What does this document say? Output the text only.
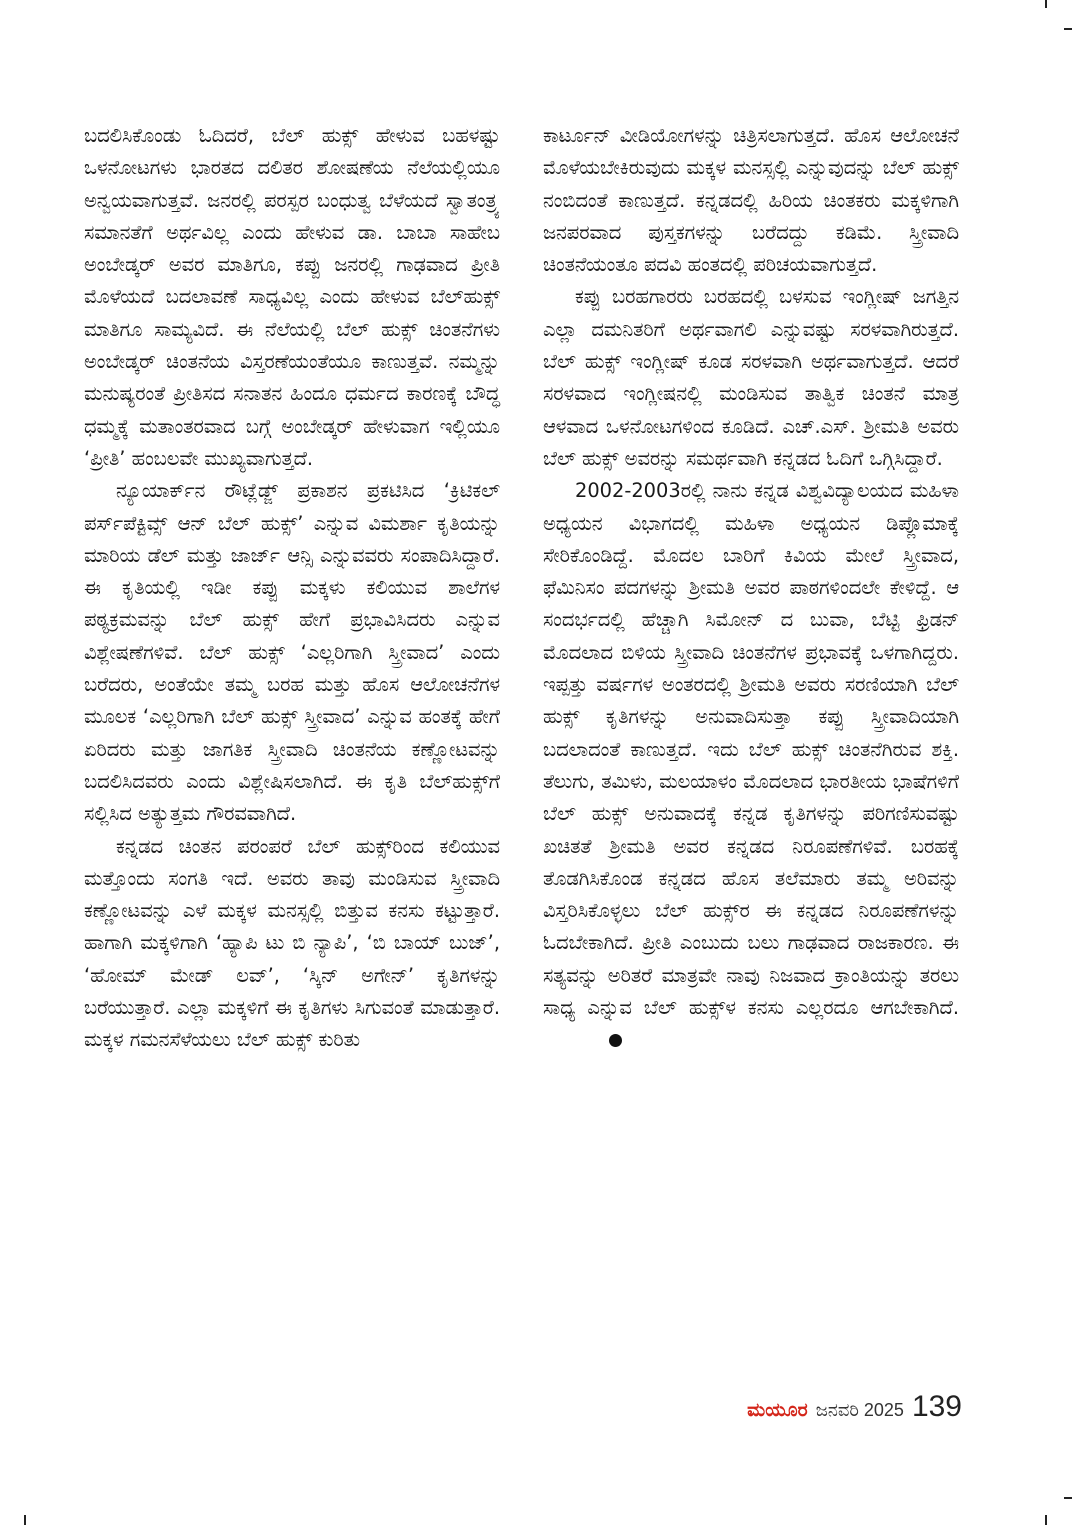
ಬದಲಿಸಿಕೊಂಡು ಓದಿದರೆ, ಬೆಲ್ ಹುಕ್ಸ್ ಹೇಳುವ ಬಹಳಷ್ಟು ಒಳನೋಟಗಳು ಭಾರತದ ದಲಿತರ ಶೋಷಣೆಯ ನೆಲೆಯಲ್ಲಿಯೂ ಅನ್ವಯವಾಗುತ್ತವೆ. ಜನರಲ್ಲಿ ಪರಸ್ಪರ ಬಂಧುತ್ವ ಬೆಳೆಯದೆ ಸ್ವಾತಂತ್ರ್ಯ ಸಮಾನತೆಗೆ ಅರ್ಥವಿಲ್ಲ ಎಂದು ಹೇಳುವ ಡಾ. ಬಾಬಾ ಸಾಹೇಬ ಅಂಬೇಡ್ಕರ್ ಅವರ ಮಾತಿಗೂ, ಕಪ್ಪು ಜನರಲ್ಲಿ ಗಾಢವಾದ ಪ್ರೀತಿ ಮೊಳೆಯದೆ ಬದಲಾವಣೆ ಸಾಧ್ಯವಿಲ್ಲ ಎಂದು ಹೇಳುವ ಬೆಲ್‌ಹುಕ್ಸ್ ಮಾತಿಗೂ ಸಾಮ್ಯವಿದೆ. ಈ ನೆಲೆಯಲ್ಲಿ ಬೆಲ್ ಹುಕ್ಸ್ ಚಿಂತನೆಗಳು ಅಂಬೇಡ್ಕರ್ ಚಿಂತನೆಯ ವಿಸ್ತರಣೆಯಂತೆಯೂ ಕಾಣುತ್ತವೆ. ನಮ್ಮನ್ನು ಮನುಷ್ಯರಂತೆ ಪ್ರೀತಿಸದ ಸನಾತನ ಹಿಂದೂ ಧರ್ಮದ ಕಾರಣಕ್ಕೆ ಬೌದ್ಧ ಧಮ್ಮಕ್ಕೆ ಮತಾಂತರವಾದ ಬಗ್ಗೆ ಅಂಬೇಡ್ಕರ್ ಹೇಳುವಾಗ ಇಲ್ಲಿಯೂ ‘ಪ್ರೀತಿ’ ಹಂಬಲವೇ ಮುಖ್ಯವಾಗುತ್ತದೆ.

ನ್ಯೂಯಾರ್ಕ್‌ನ ರೌಟ್ಲೆಡ್ಜ್ ಪ್ರಕಾಶನ ಪ್ರಕಟಿಸಿದ ‘ಕ್ರಿಟಿಕಲ್ ಪರ್ಸ್‌ಪೆಕ್ಟಿವ್ಸ್ ಆನ್ ಬೆಲ್ ಹುಕ್ಸ್’ ಎನ್ನುವ ವಿಮರ್ಶಾ ಕೃತಿಯನ್ನು ಮಾರಿಯ ಡೆಲ್ ಮತ್ತು ಜಾರ್ಜ್ ಆನ್ಸಿ ಎನ್ನುವವರು ಸಂಪಾದಿಸಿದ್ದಾರೆ. ಈ ಕೃತಿಯಲ್ಲಿ ಇಡೀ ಕಪ್ಪು ಮಕ್ಕಳು ಕಲಿಯುವ ಶಾಲೆಗಳ ಪಠ್ಯಕ್ರಮವನ್ನು ಬೆಲ್ ಹುಕ್ಸ್ ಹೇಗೆ ಪ್ರಭಾವಿಸಿದರು ಎನ್ನುವ ವಿಶ್ಲೇಷಣೆಗಳಿವೆ. ಬೆಲ್ ಹುಕ್ಸ್ ‘ಎಲ್ಲರಿಗಾಗಿ ಸ್ತ್ರೀವಾದ’ ಎಂದು ಬರೆದರು, ಅಂತೆಯೇ ತಮ್ಮ ಬರಹ ಮತ್ತು ಹೊಸ ಆಲೋಚನೆಗಳ ಮೂಲಕ ‘ಎಲ್ಲರಿಗಾಗಿ ಬೆಲ್ ಹುಕ್ಸ್ ಸ್ತ್ರೀವಾದ’ ಎನ್ನುವ ಹಂತಕ್ಕೆ ಹೇಗೆ ಏರಿದರು ಮತ್ತು ಜಾಗತಿಕ ಸ್ತ್ರೀವಾದಿ ಚಿಂತನೆಯ ಕಣ್ಣೋಟವನ್ನು ಬದಲಿಸಿದವರು ಎಂದು ವಿಶ್ಲೇಷಿಸಲಾಗಿದೆ. ಈ ಕೃತಿ ಬೆಲ್‌ಹುಕ್ಸ್‌ಗೆ ಸಲ್ಲಿಸಿದ ಅತ್ಯುತ್ತಮ ಗೌರವವಾಗಿದೆ.

ಕನ್ನಡದ ಚಿಂತನ ಪರಂಪರೆ ಬೆಲ್ ಹುಕ್ಸ್‌ರಿಂದ ಕಲಿಯುವ ಮತ್ತೊಂದು ಸಂಗತಿ ಇದೆ. ಅವರು ತಾವು ಮಂಡಿಸುವ ಸ್ತ್ರೀವಾದಿ ಕಣ್ಣೋಟವನ್ನು ಎಳೆ ಮಕ್ಕಳ ಮನಸ್ಸಲ್ಲಿ ಬಿತ್ತುವ ಕನಸು ಕಟ್ಟುತ್ತಾರೆ. ಹಾಗಾಗಿ ಮಕ್ಕಳಿಗಾಗಿ ‘ಹ್ಯಾಪಿ ಟು ಬಿ ನ್ಯಾಪಿ’, ‘ಬಿ ಬಾಯ್ ಬುಜ್’, ‘ಹೋಮ್ ಮೇಡ್ ಲವ್’, ‘ಸ್ಕಿನ್ ಅಗೇನ್’ ಕೃತಿಗಳನ್ನು ಬರೆಯುತ್ತಾರೆ. ಎಲ್ಲಾ ಮಕ್ಕಳಿಗೆ ಈ ಕೃತಿಗಳು ಸಿಗುವಂತೆ ಮಾಡುತ್ತಾರೆ. ಮಕ್ಕಳ ಗಮನಸೆಳೆಯಲು ಬೆಲ್ ಹುಕ್ಸ್ ಕುರಿತು

ಕಾರ್ಟೂನ್ ವೀಡಿಯೋಗಳನ್ನು ಚಿತ್ರಿಸಲಾಗುತ್ತದೆ. ಹೊಸ ಆಲೋಚನೆ ಮೊಳೆಯಬೇಕಿರುವುದು ಮಕ್ಕಳ ಮನಸ್ಸಲ್ಲಿ ಎನ್ನುವುದನ್ನು ಬೆಲ್ ಹುಕ್ಸ್ ನಂಬಿದಂತೆ ಕಾಣುತ್ತದೆ. ಕನ್ನಡದಲ್ಲಿ ಹಿರಿಯ ಚಿಂತಕರು ಮಕ್ಕಳಿಗಾಗಿ ಜನಪರವಾದ ಪುಸ್ತಕಗಳನ್ನು ಬರೆದದ್ದು ಕಡಿಮೆ. ಸ್ತ್ರೀವಾದಿ ಚಿಂತನೆಯಂತೂ ಪದವಿ ಹಂತದಲ್ಲಿ ಪರಿಚಯವಾಗುತ್ತದೆ.

ಕಪ್ಪು ಬರಹಗಾರರು ಬರಹದಲ್ಲಿ ಬಳಸುವ ಇಂಗ್ಲೀಷ್ ಜಗತ್ತಿನ ಎಲ್ಲಾ ದಮನಿತರಿಗೆ ಅರ್ಥವಾಗಲಿ ಎನ್ನುವಷ್ಟು ಸರಳವಾಗಿರುತ್ತದೆ. ಬೆಲ್ ಹುಕ್ಸ್ ಇಂಗ್ಲೀಷ್ ಕೂಡ ಸರಳವಾಗಿ ಅರ್ಥವಾಗುತ್ತದೆ. ಆದರೆ ಸರಳವಾದ ಇಂಗ್ಲೀಷನಲ್ಲಿ ಮಂಡಿಸುವ ತಾತ್ವಿಕ ಚಿಂತನೆ ಮಾತ್ರ ಆಳವಾದ ಒಳನೋಟಗಳಿಂದ ಕೂಡಿದೆ. ಎಚ್.ಎಸ್. ಶ್ರೀಮತಿ ಅವರು ಬೆಲ್ ಹುಕ್ಸ್ ಅವರನ್ನು ಸಮರ್ಥವಾಗಿ ಕನ್ನಡದ ಓದಿಗೆ ಒಗ್ಗಿಸಿದ್ದಾರೆ.

2002-2003ರಲ್ಲಿ ನಾನು ಕನ್ನಡ ವಿಶ್ವವಿದ್ಯಾಲಯದ ಮಹಿಳಾ ಅಧ್ಯಯನ ವಿಭಾಗದಲ್ಲಿ ಮಹಿಳಾ ಅಧ್ಯಯನ ಡಿಪ್ಲೊಮಾಕ್ಕೆ ಸೇರಿಕೊಂಡಿದ್ದೆ. ಮೊದಲ ಬಾರಿಗೆ ಕಿವಿಯ ಮೇಲೆ ಸ್ತ್ರೀವಾದ, ಫೆಮಿನಿಸಂ ಪದಗಳನ್ನು ಶ್ರೀಮತಿ ಅವರ ಪಾಠಗಳಿಂದಲೇ ಕೇಳಿದ್ದೆ. ಆ ಸಂದರ್ಭದಲ್ಲಿ ಹೆಚ್ಚಾಗಿ ಸಿಮೋನ್ ದ ಬುವಾ, ಬೆಟ್ಟಿ ಫ್ರಿಡನ್ ಮೊದಲಾದ ಬಿಳಿಯ ಸ್ತ್ರೀವಾದಿ ಚಿಂತನೆಗಳ ಪ್ರಭಾವಕ್ಕೆ ಒಳಗಾಗಿದ್ದರು. ಇಪ್ಪತ್ತು ವರ್ಷಗಳ ಅಂತರದಲ್ಲಿ ಶ್ರೀಮತಿ ಅವರು ಸರಣಿಯಾಗಿ ಬೆಲ್ ಹುಕ್ಸ್ ಕೃತಿಗಳನ್ನು ಅನುವಾದಿಸುತ್ತಾ ಕಪ್ಪು ಸ್ತ್ರೀವಾದಿಯಾಗಿ ಬದಲಾದಂತೆ ಕಾಣುತ್ತದೆ. ಇದು ಬೆಲ್ ಹುಕ್ಸ್ ಚಿಂತನೆಗಿರುವ ಶಕ್ತಿ. ತೆಲುಗು, ತಮಿಳು, ಮಲಯಾಳಂ ಮೊದಲಾದ ಭಾರತೀಯ ಭಾಷೆಗಳಿಗೆ ಬೆಲ್ ಹುಕ್ಸ್ ಅನುವಾದಕ್ಕೆ ಕನ್ನಡ ಕೃತಿಗಳನ್ನು ಪರಿಗಣಿಸುವಷ್ಟು ಖಚಿತತೆ ಶ್ರೀಮತಿ ಅವರ ಕನ್ನಡದ ನಿರೂಪಣೆಗಳಿವೆ. ಬರಹಕ್ಕೆ ತೊಡಗಿಸಿಕೊಂಡ ಕನ್ನಡದ ಹೊಸ ತಲೆಮಾರು ತಮ್ಮ ಅರಿವನ್ನು ವಿಸ್ತರಿಸಿಕೊಳ್ಳಲು ಬೆಲ್ ಹುಕ್ಸ್‌ರ ಈ ಕನ್ನಡದ ನಿರೂಪಣೆಗಳನ್ನು ಓದಬೇಕಾಗಿದೆ. ಪ್ರೀತಿ ಎಂಬುದು ಬಲು ಗಾಢವಾದ ರಾಜಕಾರಣ. ಈ ಸತ್ಯವನ್ನು ಅರಿತರೆ ಮಾತ್ರವೇ ನಾವು ನಿಜವಾದ ಕ್ರಾಂತಿಯನ್ನು ತರಲು ಸಾಧ್ಯ ಎನ್ನುವ ಬೆಲ್ ಹುಕ್ಸ್‌ಳ ಕನಸು ಎಲ್ಲರದೂ ಆಗಬೇಕಾಗಿದೆ.

ಮಯೂರ ಜನವರಿ 2025 139
